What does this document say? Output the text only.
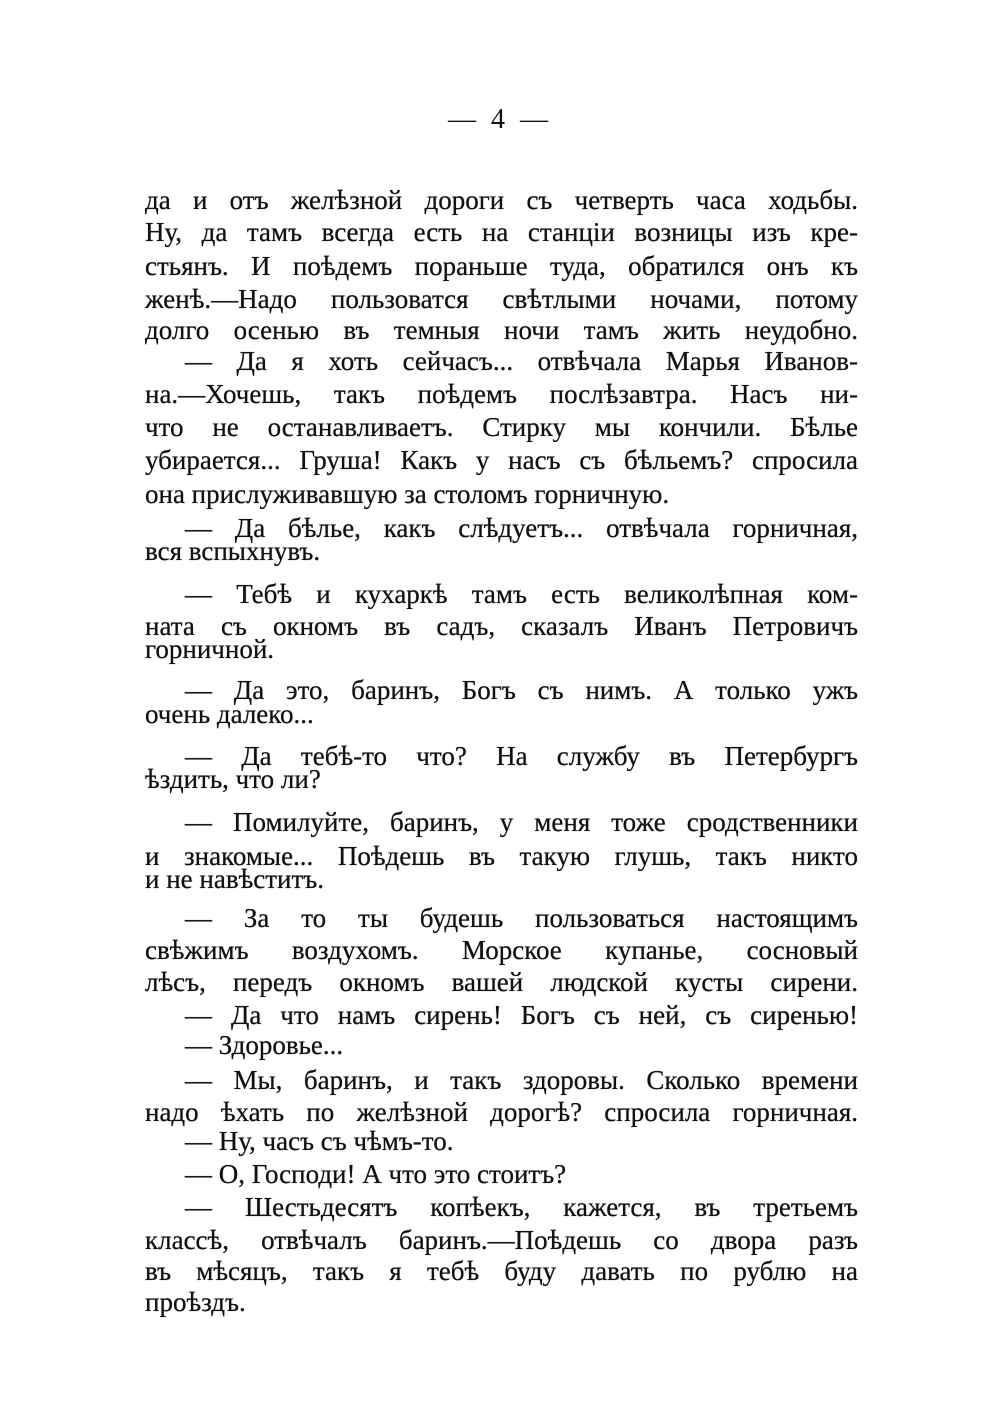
— 4 —
да и отъ желѣзной дороги съ четверть часа ходьбы.
Ну, да тамъ всегда есть на станціи возницы изъ кре-
стьянъ. И поѣдемъ пораньше туда, обратился онъ къ
женѣ.—Надо пользоватся свѣтлыми ночами, потому
долго осенью въ темныя ночи тамъ жить неудобно.
— Да я хоть сейчасъ... отвѣчала Марья Иванов-
на.—Хочешь, такъ поѣдемъ послѣзавтра. Насъ ни-
что не останавливаетъ. Стирку мы кончили. Бѣлье
убирается... Груша! Какъ у насъ съ бѣльемъ? спросила
она прислуживавшую за столомъ горничную.
— Да бѣлье, какъ слѣдуетъ... отвѣчала горничная,
вся вспыхнувъ.
— Тебѣ и кухаркѣ тамъ есть великолѣпная ком-
ната съ окномъ въ садъ, сказалъ Иванъ Петровичъ
горничной.
— Да это, баринъ, Богъ съ нимъ. А только ужъ
очень далеко...
— Да тебѣ-то что? На службу въ Петербургъ
ѣздить, что ли?
— Помилуйте, баринъ, у меня тоже сродственники
и знакомые... Поѣдешь въ такую глушь, такъ никто
и не навѣститъ.
— За то ты будешь пользоваться настоящимъ
свѣжимъ воздухомъ. Морское купанье, сосновый
лѣсъ, передъ окномъ вашей людской кусты сирени.
— Да что намъ сирень! Богъ съ ней, съ сиренью!
— Здоровье...
— Мы, баринъ, и такъ здоровы. Сколько времени
надо ѣхать по желѣзной дорогѣ? спросила горничная.
— Ну, часъ съ чѣмъ-то.
— О, Господи! А что это стоитъ?
— Шестьдесятъ копѣекъ, кажется, въ третьемъ
классѣ, отвѣчалъ баринъ.—Поѣдешь со двора разъ
въ мѣсяцъ, такъ я тебѣ буду давать по рублю на
проѣздъ.
